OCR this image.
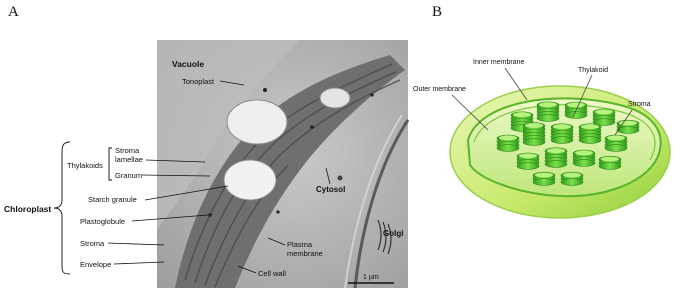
A	B
1 µm
Vacuole
Tonoplast
Cytosol
Plasma
membrane
Cell wall
Golgi
Stroma
lamellae
Granum
Thylakoids
Starch granule
Plastoglobule
Stroma
Envelope
Chloroplast
Outer membrane
Inner membrane
Thylakoid
Stroma
